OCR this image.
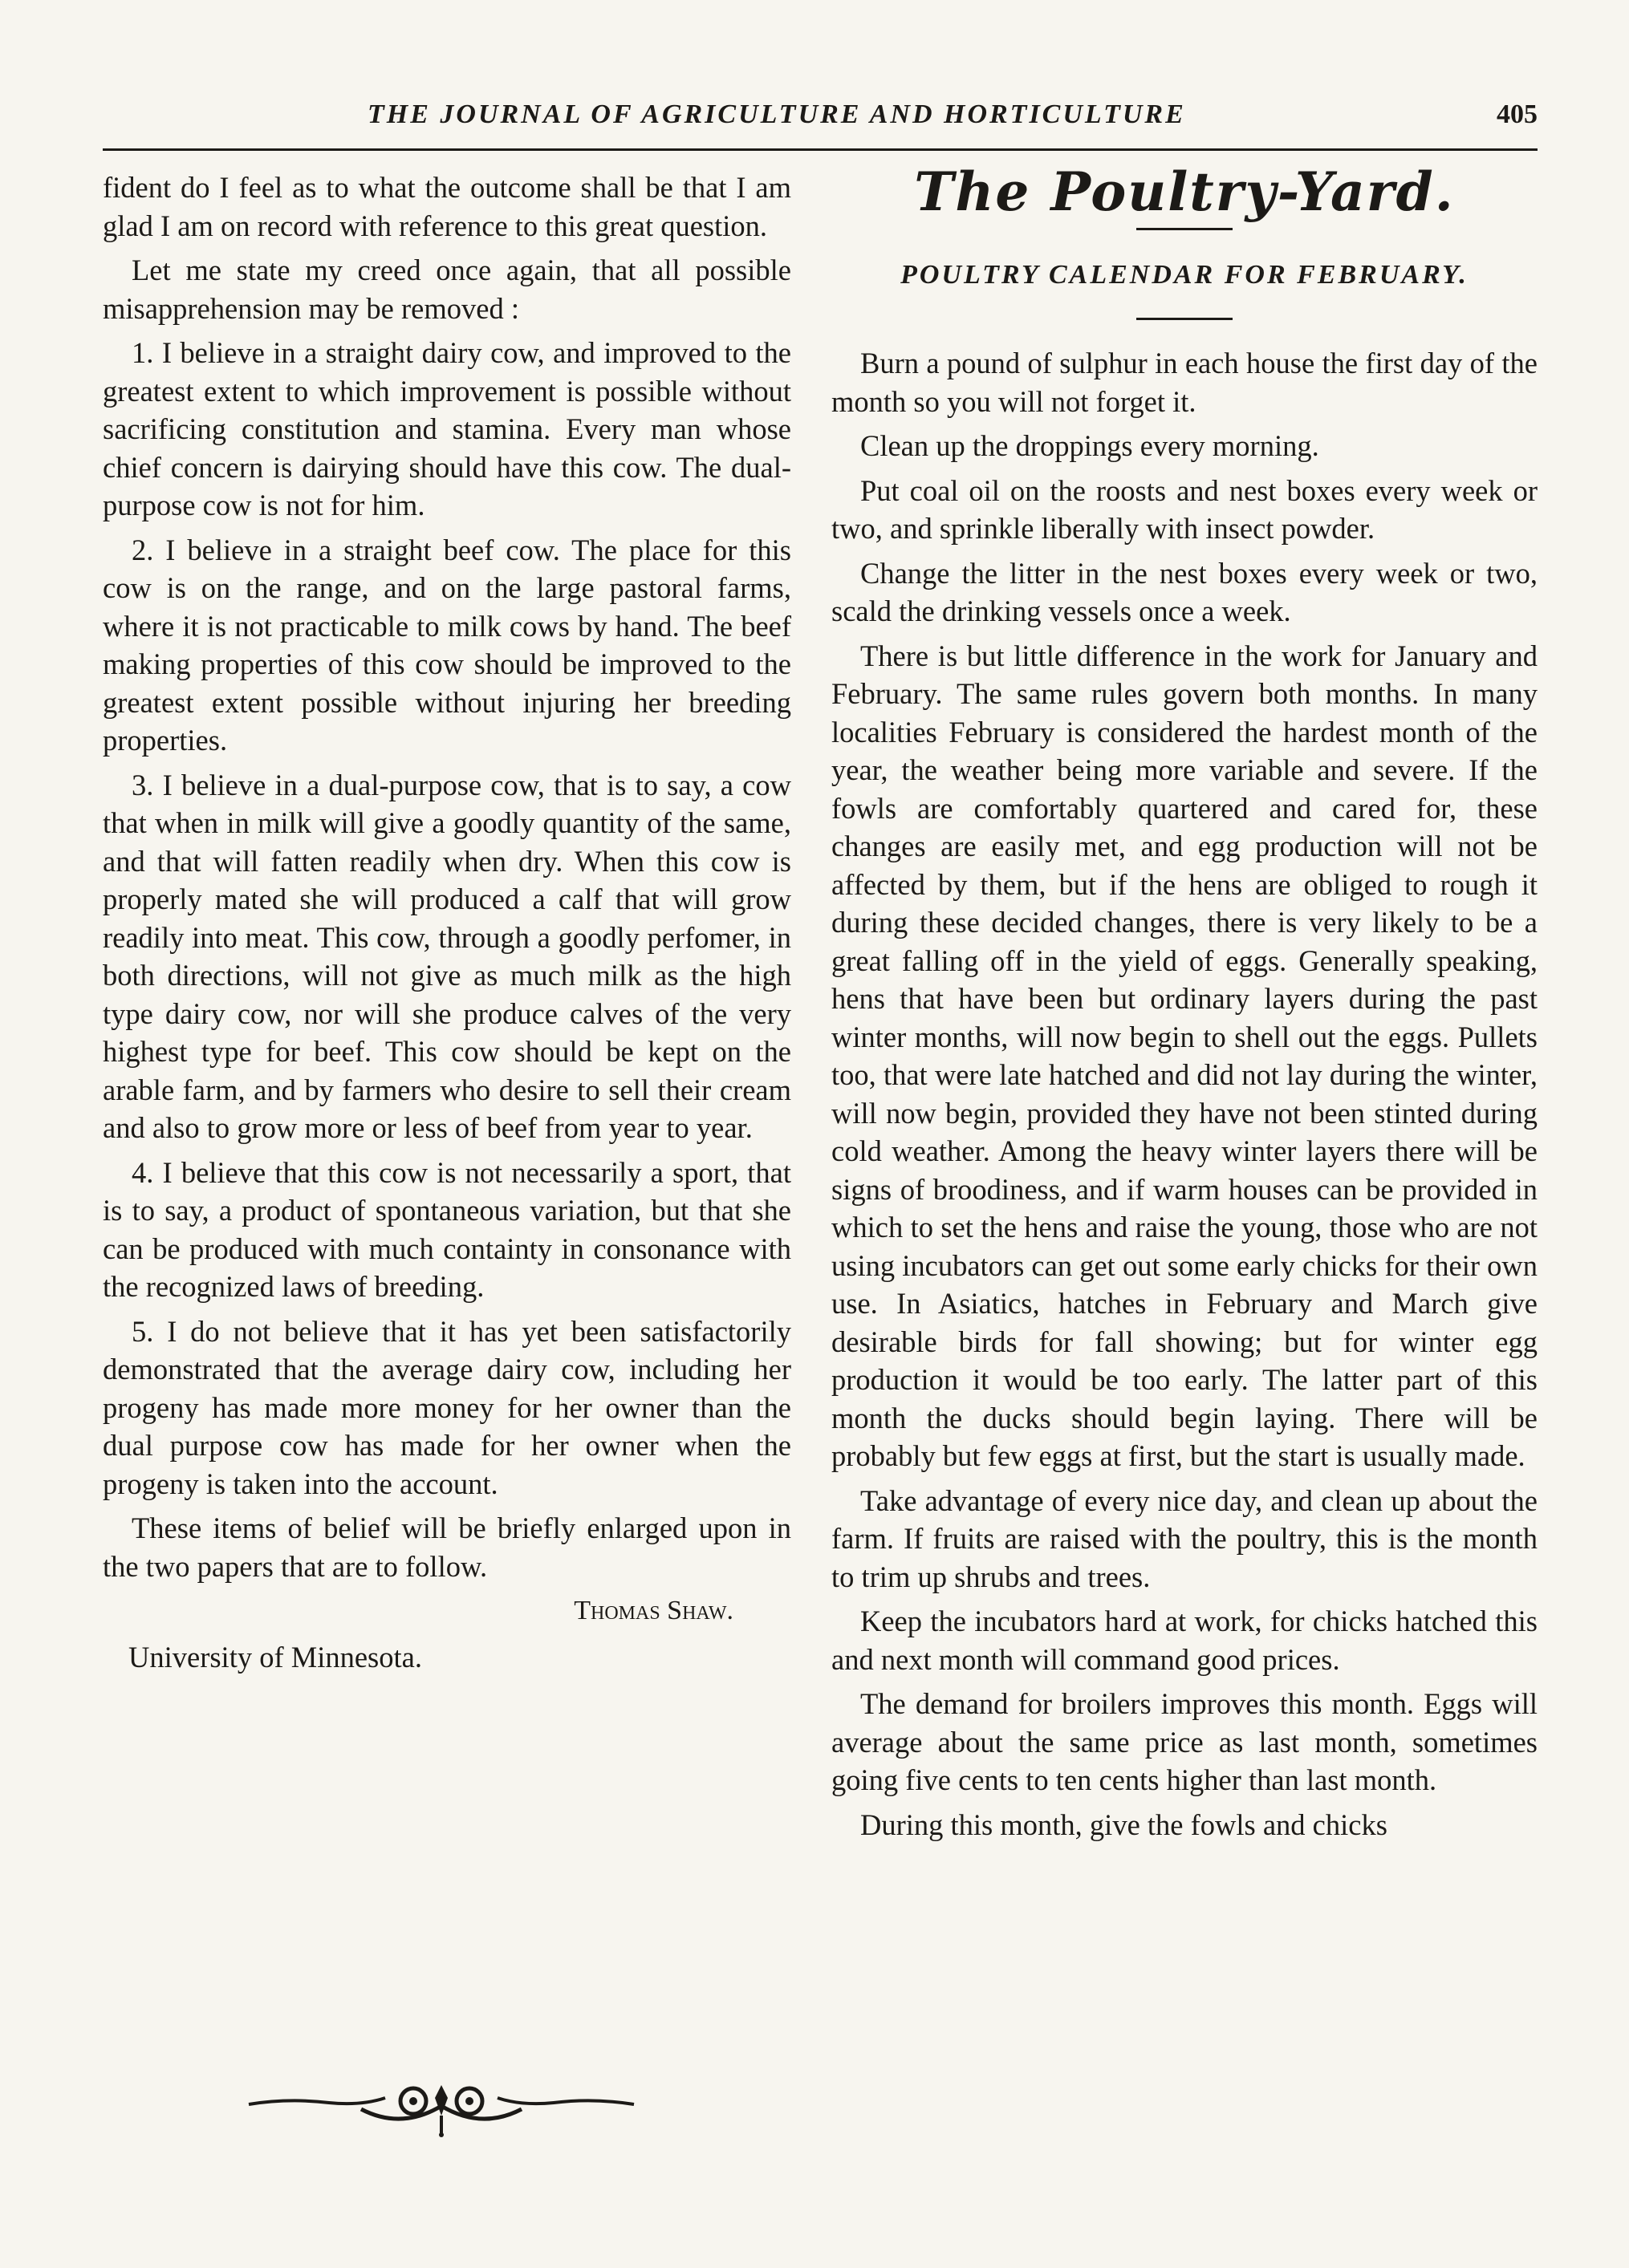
THE JOURNAL OF AGRICULTURE AND HORTICULTURE	405

fident do I feel as to what the outcome shall be that I am glad I am on record with reference to this great question.

Let me state my creed once again, that all possible misapprehension may be removed :

1. I believe in a straight dairy cow, and improved to the greatest extent to which improvement is possible without sacrificing constitution and stamina. Every man whose chief concern is dairying should have this cow. The dual-purpose cow is not for him.

2. I believe in a straight beef cow. The place for this cow is on the range, and on the large pastoral farms, where it is not practicable to milk cows by hand. The beef making properties of this cow should be improved to the greatest extent possible without injuring her breeding properties.

3. I believe in a dual-purpose cow, that is to say, a cow that when in milk will give a goodly quantity of the same, and that will fatten readily when dry. When this cow is properly mated she will produced a calf that will grow readily into meat. This cow, through a goodly perfomer, in both directions, will not give as much milk as the high type dairy cow, nor will she produce calves of the very highest type for beef. This cow should be kept on the arable farm, and by farmers who desire to sell their cream and also to grow more or less of beef from year to year.

4. I believe that this cow is not necessarily a sport, that is to say, a product of spontaneous variation, but that she can be produced with much containty in consonance with the recognized laws of breeding.

5. I do not believe that it has yet been satisfactorily demonstrated that the average dairy cow, including her progeny has made more money for her owner than the dual purpose cow has made for her owner when the progeny is taken into the account.

These items of belief will be briefly enlarged upon in the two papers that are to follow.

Thomas Shaw.
University of Minnesota.
The Poultry-Yard.
POULTRY CALENDAR FOR FEBRUARY.

Burn a pound of sulphur in each house the first day of the month so you will not forget it.

Clean up the droppings every morning.

Put coal oil on the roosts and nest boxes every week or two, and sprinkle liberally with insect powder.

Change the litter in the nest boxes every week or two, scald the drinking vessels once a week.

There is but little difference in the work for January and February. The same rules govern both months. In many localities February is considered the hardest month of the year, the weather being more variable and severe. If the fowls are comfortably quartered and cared for, these changes are easily met, and egg production will not be affected by them, but if the hens are obliged to rough it during these decided changes, there is very likely to be a great falling off in the yield of eggs. Generally speaking, hens that have been but ordinary layers during the past winter months, will now begin to shell out the eggs. Pullets too, that were late hatched and did not lay during the winter, will now begin, provided they have not been stinted during cold weather. Among the heavy winter layers there will be signs of broodiness, and if warm houses can be provided in which to set the hens and raise the young, those who are not using incubators can get out some early chicks for their own use. In Asiatics, hatches in February and March give desirable birds for fall showing; but for winter egg production it would be too early. The latter part of this month the ducks should begin laying. There will be probably but few eggs at first, but the start is usually made.

Take advantage of every nice day, and clean up about the farm. If fruits are raised with the poultry, this is the month to trim up shrubs and trees.

Keep the incubators hard at work, for chicks hatched this and next month will command good prices.

The demand for broilers improves this month. Eggs will average about the same price as last month, sometimes going five cents to ten cents higher than last month.

During this month, give the fowls and chicks
